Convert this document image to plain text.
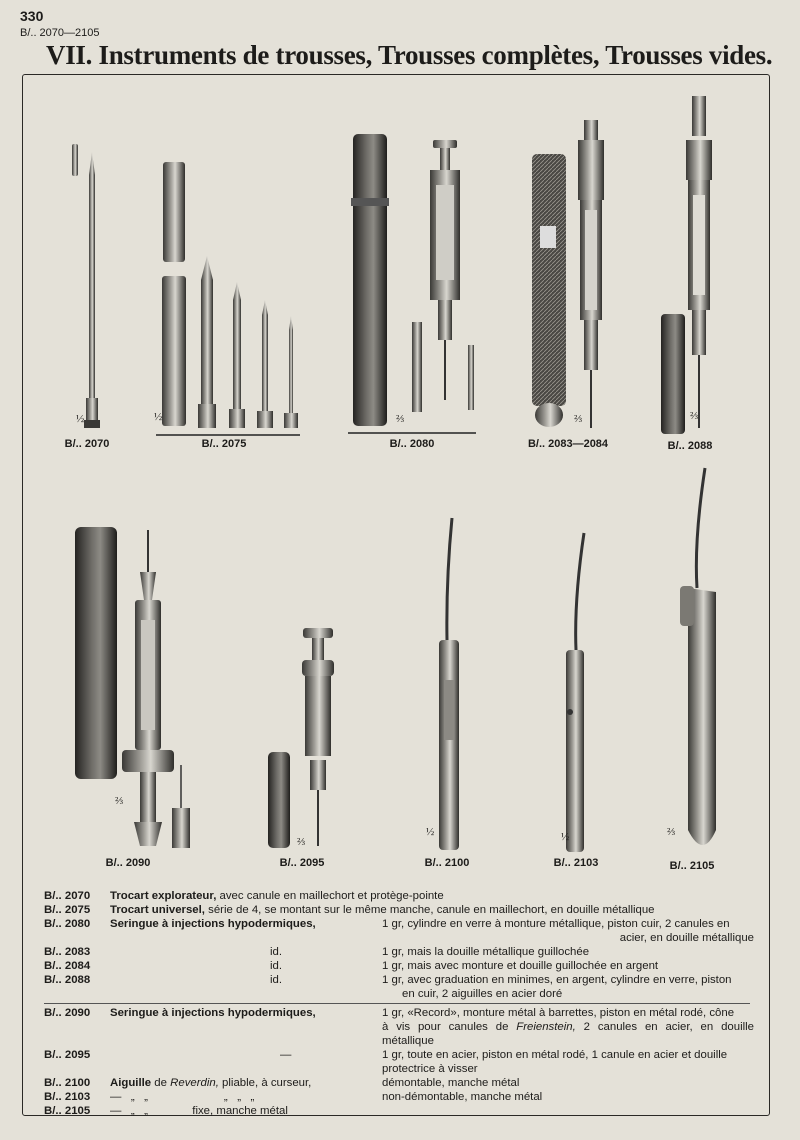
330
B/.. 2070—2105
VII. Instruments de trousses, Trousses complètes, Trousses vides.
B/.. 2070	B/.. 2075	B/.. 2080	B/.. 2083—2084	B/.. 2088
B/.. 2090	B/.. 2095	B/.. 2100	B/.. 2103	B/.. 2105
½	½	⅔	⅔	⅔
⅔
⅔
½	½	⅔
B/.. 2070	Trocart explorateur, avec canule en maillechort et protège-pointe
B/.. 2075	Trocart universel, série de 4, se montant sur le même manche, canule en maillechort, en douille métallique
B/.. 2080	Seringue à injections hypodermiques,	1 gr, cylindre en verre à monture métallique, piston cuir, 2 canules en
acier, en douille métallique
B/.. 2083	id.	1 gr, mais la douille métallique guillochée
B/.. 2084	id.	1 gr, mais avec monture et douille guillochée en argent
B/.. 2088	id.	1 gr, avec graduation en minimes, en argent, cylindre en verre, piston
en cuir, 2 aiguilles en acier doré
B/.. 2090	Seringue à injections hypodermiques,	1 gr, «Record», monture métal à barrettes, piston en métal rodé, cône
à vis pour canules de Freienstein, 2 canules en acier, en douille métallique
B/.. 2095	—	1 gr, toute en acier, piston en métal rodé, 1 canule en acier et douille
protectrice à visser
B/.. 2100	Aiguille de Reverdin, pliable, à curseur,	démontable, manche métal
B/.. 2103	—   „   „	„   „   „	non-démontable, manche métal
B/.. 2105	—   „   „	fixe, manche métal
